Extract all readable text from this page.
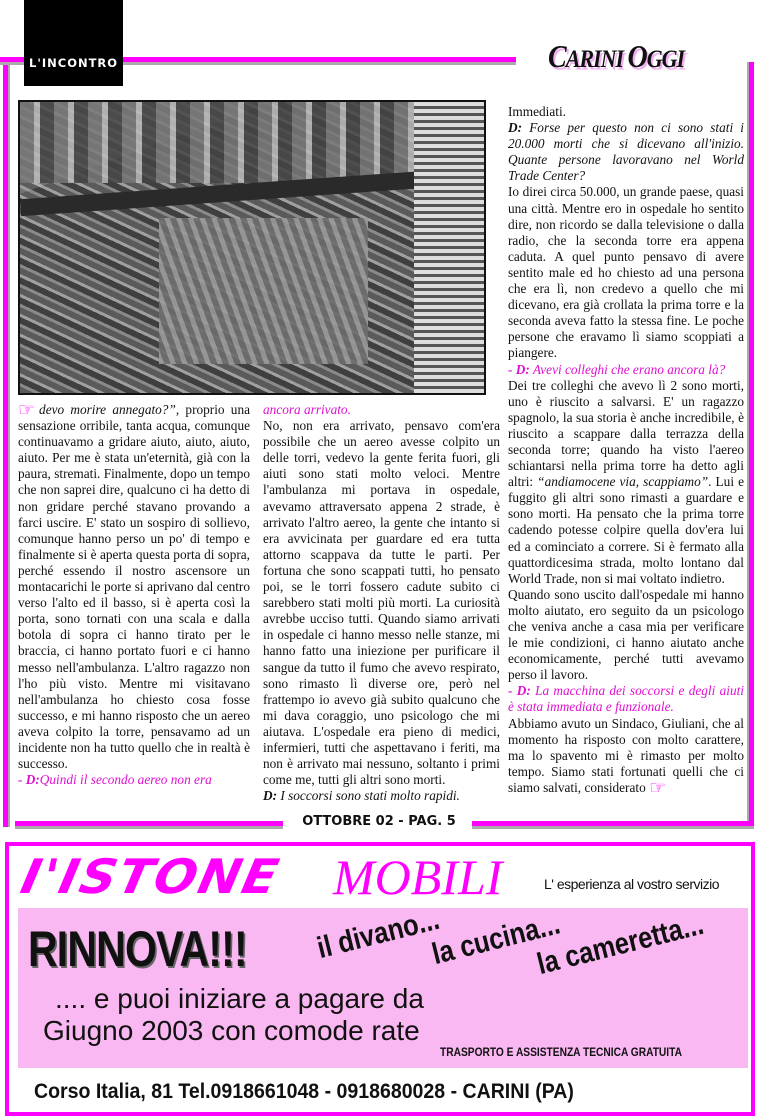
L'INCONTRO
OTTOBRE 02 - PAG. 5
CARINI OGGI

☞ devo morire annegato?”, proprio una sensazione orribile, tanta acqua, comunque continuavamo a gridare aiuto, aiuto, aiuto, aiuto. Per me è stata un'eternità, già con la paura, stremati. Finalmente, dopo un tempo che non saprei dire, qualcuno ci ha detto di non gridare perché stavano provando a farci uscire. E' stato un sospiro di sollievo, comunque hanno perso un po' di tempo e finalmente si è aperta questa porta di sopra, perché essendo il nostro ascensore un montacarichi le porte si aprivano dal centro verso l'alto ed il basso, si è aperta così la porta, sono tornati con una scala e dalla botola di sopra ci hanno tirato per le braccia, ci hanno portato fuori e ci hanno messo nell'ambulanza. L'altro ragazzo non l'ho più visto. Mentre mi visitavano nell'ambulanza ho chiesto cosa fosse successo, e mi hanno risposto che un aereo aveva colpito la torre, pensavamo ad un incidente non ha tutto quello che in realtà è successo.

- D:Quindi il secondo aereo non era

ancora arrivato.

No, non era arrivato, pensavo com'era possibile che un aereo avesse colpito un delle torri, vedevo la gente ferita fuori, gli aiuti sono stati molto veloci. Mentre l'ambulanza mi portava in ospedale, avevamo attraversato appena 2 strade, è arrivato l'altro aereo, la gente che intanto si era avvicinata per guardare ed era tutta attorno scappava da tutte le parti. Per fortuna che sono scappati tutti, ho pensato poi, se le torri fossero cadute subito ci sarebbero stati molti più morti. La curiosità avrebbe ucciso tutti. Quando siamo arrivati in ospedale ci hanno messo nelle stanze, mi hanno fatto una iniezione per purificare il sangue da tutto il fumo che avevo respirato, sono rimasto lì diverse ore, però nel frattempo io avevo già subito qualcuno che mi dava coraggio, uno psicologo che mi aiutava. L'ospedale era pieno di medici, infermieri, tutti che aspettavano i feriti, ma non è arrivato mai nessuno, soltanto i primi come me, tutti gli altri sono morti.

D: I soccorsi sono stati molto rapidi.

Immediati.

D: Forse per questo non ci sono stati i 20.000 morti che si dicevano all'inizio. Quante persone lavoravano nel World Trade Center?

Io direi circa 50.000, un grande paese, quasi una città. Mentre ero in ospedale ho sentito dire, non ricordo se dalla televisione o dalla radio, che la seconda torre era appena caduta. A quel punto pensavo di avere sentito male ed ho chiesto ad una persona che era lì, non credevo a quello che mi dicevano, era già crollata la prima torre e la seconda aveva fatto la stessa fine. Le poche persone che eravamo lì siamo scoppiati a piangere.

- D: Avevi colleghi che erano ancora là?

Dei tre colleghi che avevo lì 2 sono morti, uno è riuscito a salvarsi. E' un ragazzo spagnolo, la sua storia è anche incredibile, è riuscito a scappare dalla terrazza della seconda torre; quando ha visto l'aereo schiantarsi nella prima torre ha detto agli altri: “andiamocene via, scappiamo”. Lui e fuggito gli altri sono rimasti a guardare e sono morti. Ha pensato che la prima torre cadendo potesse colpire quella dov'era lui ed a cominciato a correre. Si è fermato alla quattordicesima strada, molto lontano dal World Trade, non si mai voltato indietro.

Quando sono uscito dall'ospedale mi hanno molto aiutato, ero seguito da un psicologo che veniva anche a casa mia per verificare le mie condizioni, ci hanno aiutato anche economicamente, perché tutti avevamo perso il lavoro.

- D: La macchina dei soccorsi e degli aiuti è stata immediata e funzionale.

Abbiamo avuto un Sindaco, Giuliani, che al momento ha risposto con molto carattere, ma lo spavento mi è rimasto per molto tempo. Siamo stati fortunati quelli che ci siamo salvati, considerato ☞

I'ISTONE MOBILI	L' esperienza al vostro servizio
RINNOVA!!! il divano...
la cucina...
la cameretta...
.... e puoi iniziare a pagare da
Giugno 2003 con comode rate
TRASPORTO E ASSISTENZA TECNICA GRATUITA
Corso Italia, 81 Tel.0918661048 - 0918680028 - CARINI (PA)
